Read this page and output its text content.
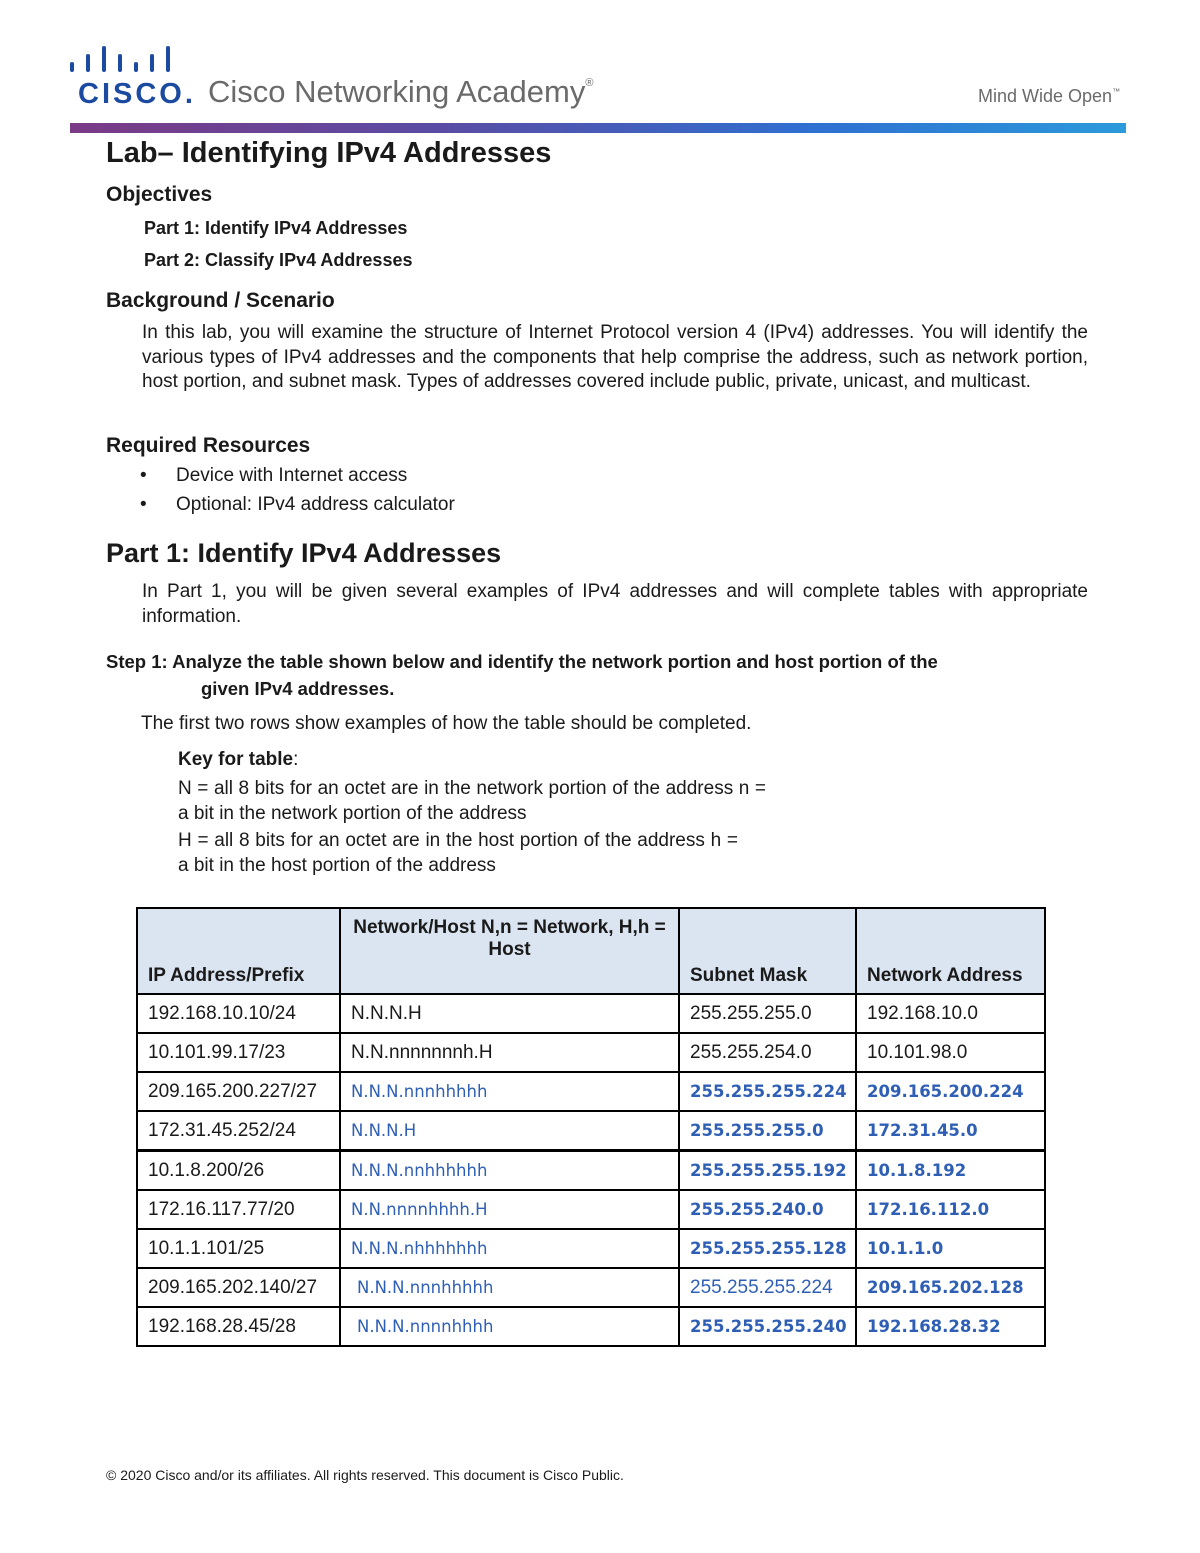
CISCO. Cisco Networking Academy®
Mind Wide Open™
Lab– Identifying IPv4 Addresses
Objectives
Part 1: Identify IPv4 Addresses
Part 2: Classify IPv4 Addresses
Background / Scenario
In this lab, you will examine the structure of Internet Protocol version 4 (IPv4) addresses. You will identify the various types of IPv4 addresses and the components that help comprise the address, such as network portion, host portion, and subnet mask. Types of addresses covered include public, private, unicast, and multicast.
Required Resources
• Device with Internet access
• Optional: IPv4 address calculator
Part 1: Identify IPv4 Addresses
In Part 1, you will be given several examples of IPv4 addresses and will complete tables with appropriate information.
Step 1: Analyze the table shown below and identify the network portion and host portion of the
given IPv4 addresses.
The first two rows show examples of how the table should be completed.
Key for table:
N = all 8 bits for an octet are in the network portion of the address n = a bit in the network portion of the address
H = all 8 bits for an octet are in the host portion of the address h = a bit in the host portion of the address
IP Address/Prefix	Network/Host N,n = Network, H,h = Host	Subnet Mask	Network Address
192.168.10.10/24	N.N.N.H	255.255.255.0	192.168.10.0
10.101.99.17/23	N.N.nnnnnnnh.H	255.255.254.0	10.101.98.0
209.165.200.227/27	N.N.N.nnnhhhhh	255.255.255.224	209.165.200.224
172.31.45.252/24	N.N.N.H	255.255.255.0	172.31.45.0
10.1.8.200/26	N.N.N.nnhhhhhh	255.255.255.192	10.1.8.192
172.16.117.77/20	N.N.nnnnhhhh.H	255.255.240.0	172.16.112.0
10.1.1.101/25	N.N.N.nhhhhhhh	255.255.255.128	10.1.1.0
209.165.202.140/27	N.N.N.nnnhhhhh	255.255.255.224	209.165.202.128
192.168.28.45/28	N.N.N.nnnnhhhh	255.255.255.240	192.168.28.32
© 2020 Cisco and/or its affiliates. All rights reserved. This document is Cisco Public.
